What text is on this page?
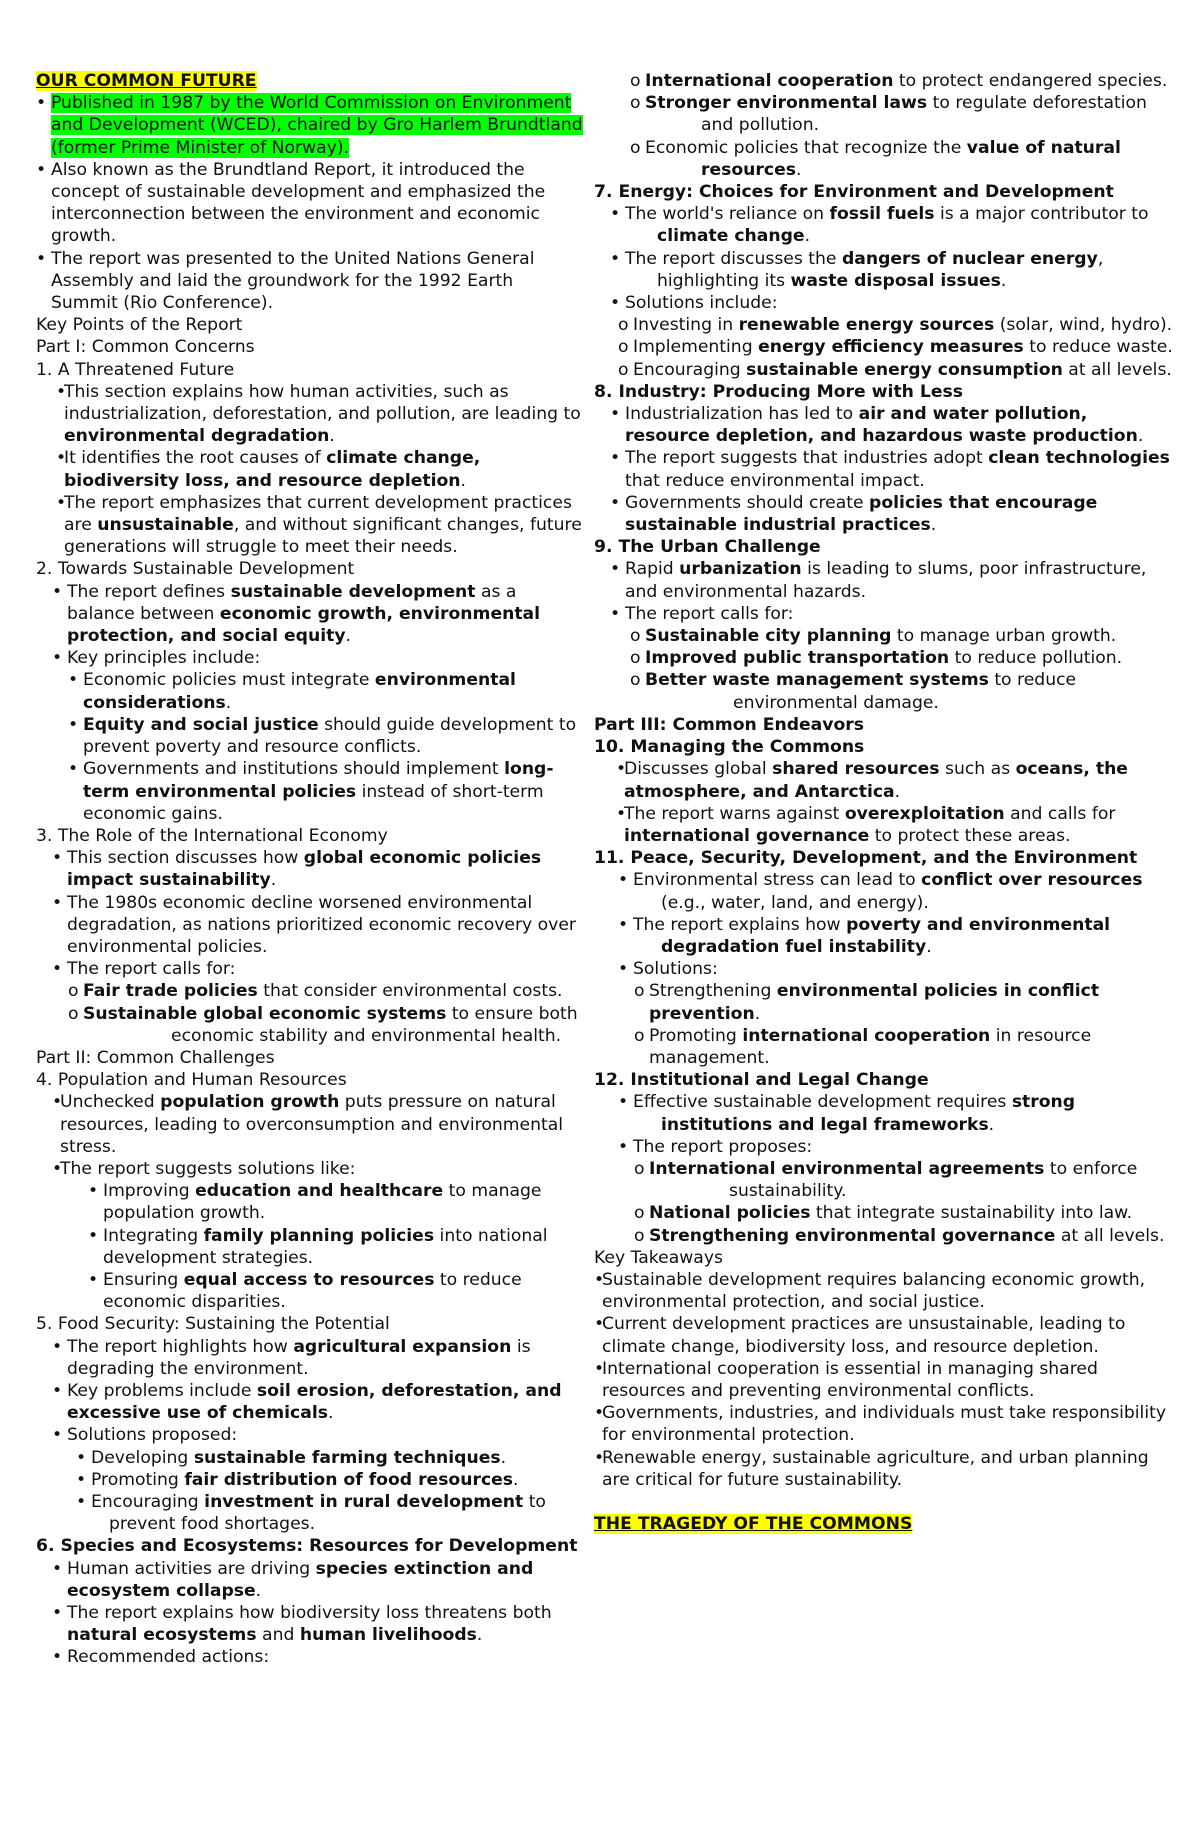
OUR COMMON FUTURE
•
Published in 1987 by the World Commission on Environment and Development (WCED), chaired by Gro Harlem Brundtland (former Prime Minister of Norway).
•
Also known as the Brundtland Report, it introduced the concept of sustainable development and emphasized the interconnection between the environment and economic growth.
•
The report was presented to the United Nations General Assembly and laid the groundwork for the 1992 Earth Summit (Rio Conference).
Key Points of the Report
Part I: Common Concerns
1. A Threatened Future
•
This section explains how human activities, such as industrialization, deforestation, and pollution, are leading to environmental degradation.
•
It identifies the root causes of climate change, biodiversity loss, and resource depletion.
•
The report emphasizes that current development practices are unsustainable, and without significant changes, future generations will struggle to meet their needs.
2. Towards Sustainable Development
•
The report defines sustainable development as a balance between economic growth, environmental protection, and social equity.
•
Key principles include:
•
Economic policies must integrate environmental considerations.
•
Equity and social justice should guide development to prevent poverty and resource conflicts.
•
Governments and institutions should implement long-term environmental policies instead of short-term economic gains.
3. The Role of the International Economy
•
This section discusses how global economic policies impact sustainability.
•
The 1980s economic decline worsened environmental degradation, as nations prioritized economic recovery over environmental policies.
•
The report calls for:
o
Fair trade policies that consider environmental costs.
o
Sustainable global economic systems to ensure both economic stability and environmental health.
Part II: Common Challenges
4. Population and Human Resources
•
Unchecked population growth puts pressure on natural resources, leading to overconsumption and environmental stress.
•
The report suggests solutions like:
•
Improving education and healthcare to manage population growth.
•
Integrating family planning policies into national development strategies.
•
Ensuring equal access to resources to reduce economic disparities.
5. Food Security: Sustaining the Potential
•
The report highlights how agricultural expansion is degrading the environment.
•
Key problems include soil erosion, deforestation, and excessive use of chemicals.
•
Solutions proposed:
•
Developing sustainable farming techniques.
•
Promoting fair distribution of food resources.
•
Encouraging investment in rural development to prevent food shortages.
6. Species and Ecosystems: Resources for Development
•
Human activities are driving species extinction and ecosystem collapse.
•
The report explains how biodiversity loss threatens both natural ecosystems and human livelihoods.
•
Recommended actions:
o
International cooperation to protect endangered species.
o
Stronger environmental laws to regulate deforestation and pollution.
o
Economic policies that recognize the value of natural resources.
7. Energy: Choices for Environment and Development
•
The world's reliance on fossil fuels is a major contributor to climate change.
•
The report discusses the dangers of nuclear energy, highlighting its waste disposal issues.
•
Solutions include:
o
Investing in renewable energy sources (solar, wind, hydro).
o
Implementing energy efficiency measures to reduce waste.
o
Encouraging sustainable energy consumption at all levels.
8. Industry: Producing More with Less
•
Industrialization has led to air and water pollution, resource depletion, and hazardous waste production.
•
The report suggests that industries adopt clean technologies that reduce environmental impact.
•
Governments should create policies that encourage sustainable industrial practices.
9. The Urban Challenge
•
Rapid urbanization is leading to slums, poor infrastructure, and environmental hazards.
•
The report calls for:
o
Sustainable city planning to manage urban growth.
o
Improved public transportation to reduce pollution.
o
Better waste management systems to reduce environmental damage.
Part III: Common Endeavors
10. Managing the Commons
•
Discusses global shared resources such as oceans, the atmosphere, and Antarctica.
•
The report warns against overexploitation and calls for international governance to protect these areas.
11. Peace, Security, Development, and the Environment
•
Environmental stress can lead to conflict over resources (e.g., water, land, and energy).
•
The report explains how poverty and environmental degradation fuel instability.
•
Solutions:
o
Strengthening environmental policies in conflict prevention.
o
Promoting international cooperation in resource management.
12. Institutional and Legal Change
•
Effective sustainable development requires strong institutions and legal frameworks.
•
The report proposes:
o
International environmental agreements to enforce sustainability.
o
National policies that integrate sustainability into law.
o
Strengthening environmental governance at all levels.
Key Takeaways
•
Sustainable development requires balancing economic growth, environmental protection, and social justice.
•
Current development practices are unsustainable, leading to climate change, biodiversity loss, and resource depletion.
•
International cooperation is essential in managing shared resources and preventing environmental conflicts.
•
Governments, industries, and individuals must take responsibility for environmental protection.
•
Renewable energy, sustainable agriculture, and urban planning are critical for future sustainability.
THE TRAGEDY OF THE COMMONS
